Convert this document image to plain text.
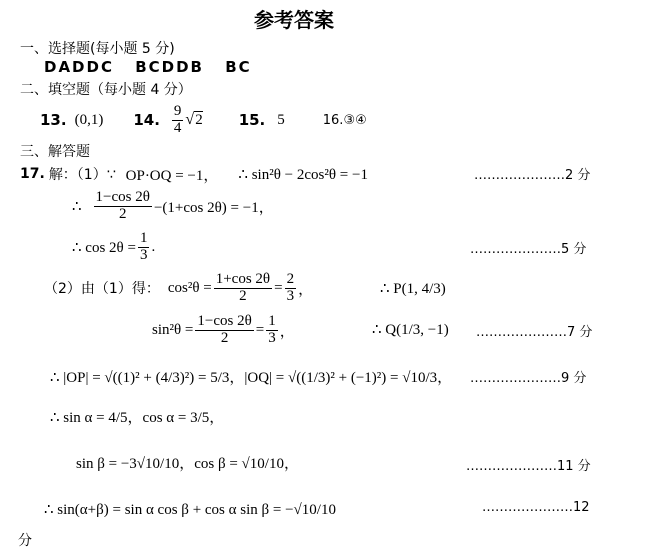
参考答案
一、选择题(每小题 5 分)
DADDC BCDDB BC
二、填空题（每小题 4 分）
13. (0,1) 14. $\frac{9}{4} √2$ 15. 5	16. ③④
三、解答题
17. 解：（1）∵ OP·OQ = −1， ∴ sin²θ − 2cos²θ = −1	…………………2 分
∴ $\frac{1-\cos 2\theta}{2} -(1+\cos$ 2θ) = −1，
∴ $\cos 2\theta = \frac{1}{3}$ .	…………………5 分
（2）由（1）得： $\cos^2\theta = \frac{1+\cos 2\theta}{2} = \frac{2}{3}$ ，	∴ P(1, 4/3)
$\sin^2\theta = \frac{1-\cos 2\theta}{2} = \frac{1}{3}$ ，	∴ Q(1/3, −1) …………………7 分
∴ |OP| = √((1)² + (4/3)²) = 5/3，|OQ| = √((1/3)² + (−1)²) = √10/3， …………………9 分
∴ sin α = 4/5，cos α = 3/5，
sin β = −3√10/10，cos β = √10/10，	…………………11 分
∴ sin(α+β) = sin α cos β + cos α sin β = −√10/10	…………………12
分
